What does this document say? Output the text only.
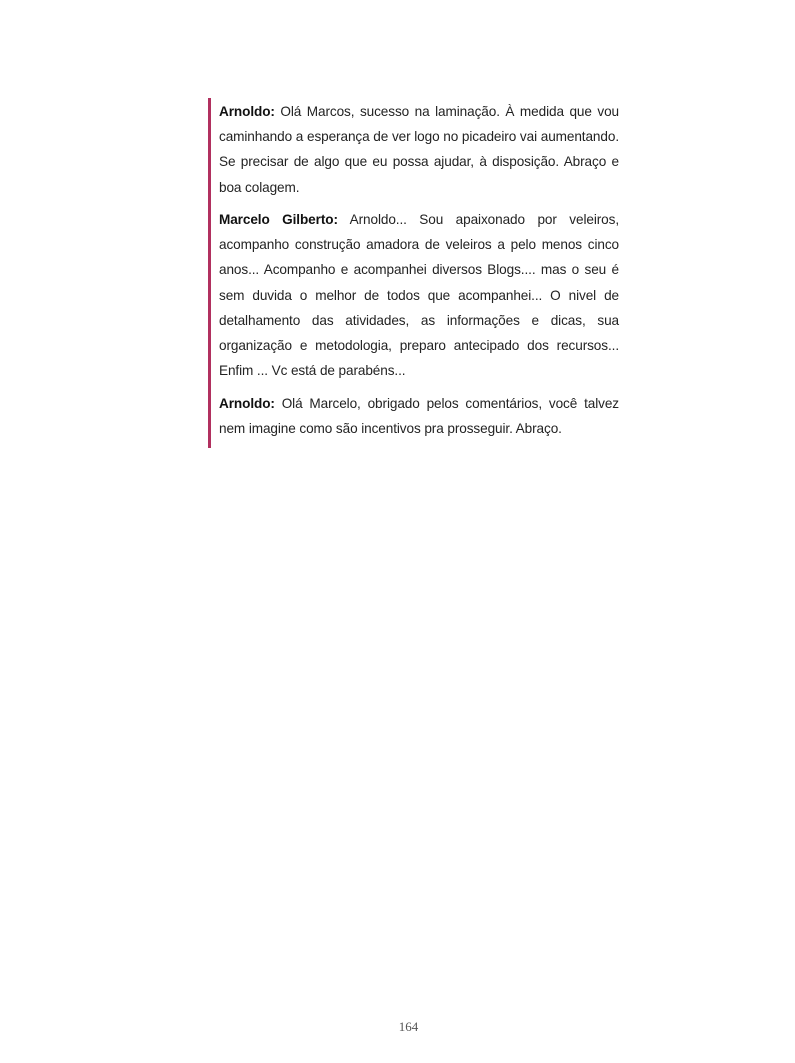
Arnoldo: Olá Marcos, sucesso na laminação. À medida que vou caminhando a esperança de ver logo no picadeiro vai aumentando. Se precisar de algo que eu possa ajudar, à disposição. Abraço e boa colagem.

Marcelo Gilberto: Arnoldo... Sou apaixonado por veleiros, acompanho construção amadora de veleiros a pelo menos cinco anos... Acompanho e acompanhei diversos Blogs.... mas o seu é sem duvida o melhor de todos que acompanhei... O nivel de detalhamento das atividades, as informações e dicas, sua organização e metodologia, preparo antecipado dos recursos... Enfim ... Vc está de parabéns...

Arnoldo: Olá Marcelo, obrigado pelos comentários, você talvez nem imagine como são incentivos pra prosseguir. Abraço.

164
